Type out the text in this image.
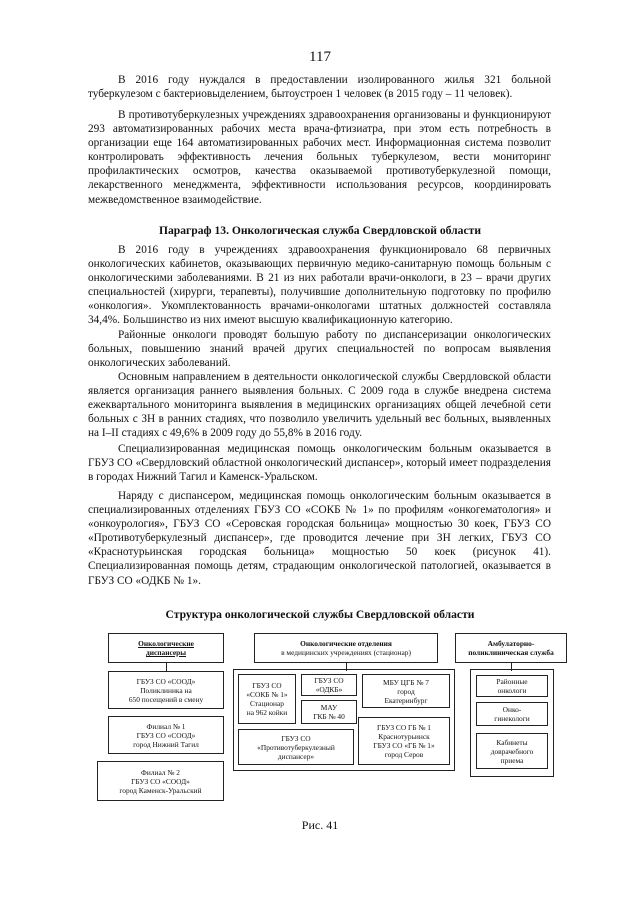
117

В 2016 году нуждался в предоставлении изолированного жилья 321 больной туберкулезом с бактериовыделением, бытоустроен 1 человек (в 2015 году – 11 человек).

В противотуберкулезных учреждениях здравоохранения организованы и функционируют 293 автоматизированных рабочих места врача-фтизиатра, при этом есть потребность в организации еще 164 автоматизированных рабочих мест. Информационная система позволит контролировать эффективность лечения больных туберкулезом, вести мониторинг профилактических осмотров, качества оказываемой противотуберкулезной помощи, лекарственного менеджмента, эффективности использования ресурсов, координировать межведомственное взаимодействие.

Параграф 13. Онкологическая служба Свердловской области

В 2016 году в учреждениях здравоохранения функционировало 68 первичных онкологических кабинетов, оказывающих первичную медико-санитарную помощь больным с онкологическими заболеваниями. В 21 из них работали врачи-онкологи, в 23 – врачи других специальностей (хирурги, терапевты), получившие дополнительную подготовку по профилю «онкология». Укомплектованность врачами-онкологами штатных должностей составляла 34,4%. Большинство из них имеют высшую квалификационную категорию.

Районные онкологи проводят большую работу по диспансеризации онкологических больных, повышению знаний врачей других специальностей по вопросам выявления онкологических заболеваний.

Основным направлением в деятельности онкологической службы Свердловской области является организация раннего выявления больных. С 2009 года в службе внедрена система ежеквартального мониторинга выявления в медицинских организациях общей лечебной сети больных с ЗН в ранних стадиях, что позволило увеличить удельный вес больных, выявленных на I–II стадиях с 49,6% в 2009 году до 55,8% в 2016 году.

Специализированная медицинская помощь онкологическим больным оказывается в ГБУЗ СО «Свердловский областной онкологический диспансер», который имеет подразделения в городах Нижний Тагил и Каменск-Уральском.

Наряду с диспансером, медицинская помощь онкологическим больным оказывается в специализированных отделениях ГБУЗ СО «СОКБ № 1» по профилям «онкогематология» и «онкоурология», ГБУЗ СО «Серовская городская больница» мощностью 30 коек, ГБУЗ СО «Противотуберкулезный диспансер», где проводится лечение при ЗН легких, ГБУЗ СО «Краснотурьинская городская больница» мощностью 50 коек (рисунок 41). Специализированная помощь детям, страдающим онкологической патологией, оказывается в ГБУЗ СО «ОДКБ № 1».

Структура онкологической службы Свердловской области
Онкологические
диспансеры
Онкологические отделения
в медицинских учреждениях (стационар)
Амбулаторно-
поликлиническая служба
ГБУЗ СО «СООД»
Поликлиника на
650 посещений в смену
Филиал № 1
ГБУЗ СО «СООД»
город Нижний Тагил
Филиал № 2
ГБУЗ СО «СООД»
город Каменск-Уральский
ГБУЗ СО
«СОКБ № 1»
Стационар
на 962 койки
ГБУЗ СО
«ОДКБ»
МАУ
ГКБ № 40
МБУ ЦГБ № 7
город
Екатеринбург
ГБУЗ СО
«Противотуберкулезный
диспансер»
ГБУЗ СО ГБ № 1
Краснотурьинск
ГБУЗ СО «ГБ № 1»
город Серов
Районные
онкологи
Онко-
гинекологи
Кабинеты
доврачебного
приема
Рис. 41
